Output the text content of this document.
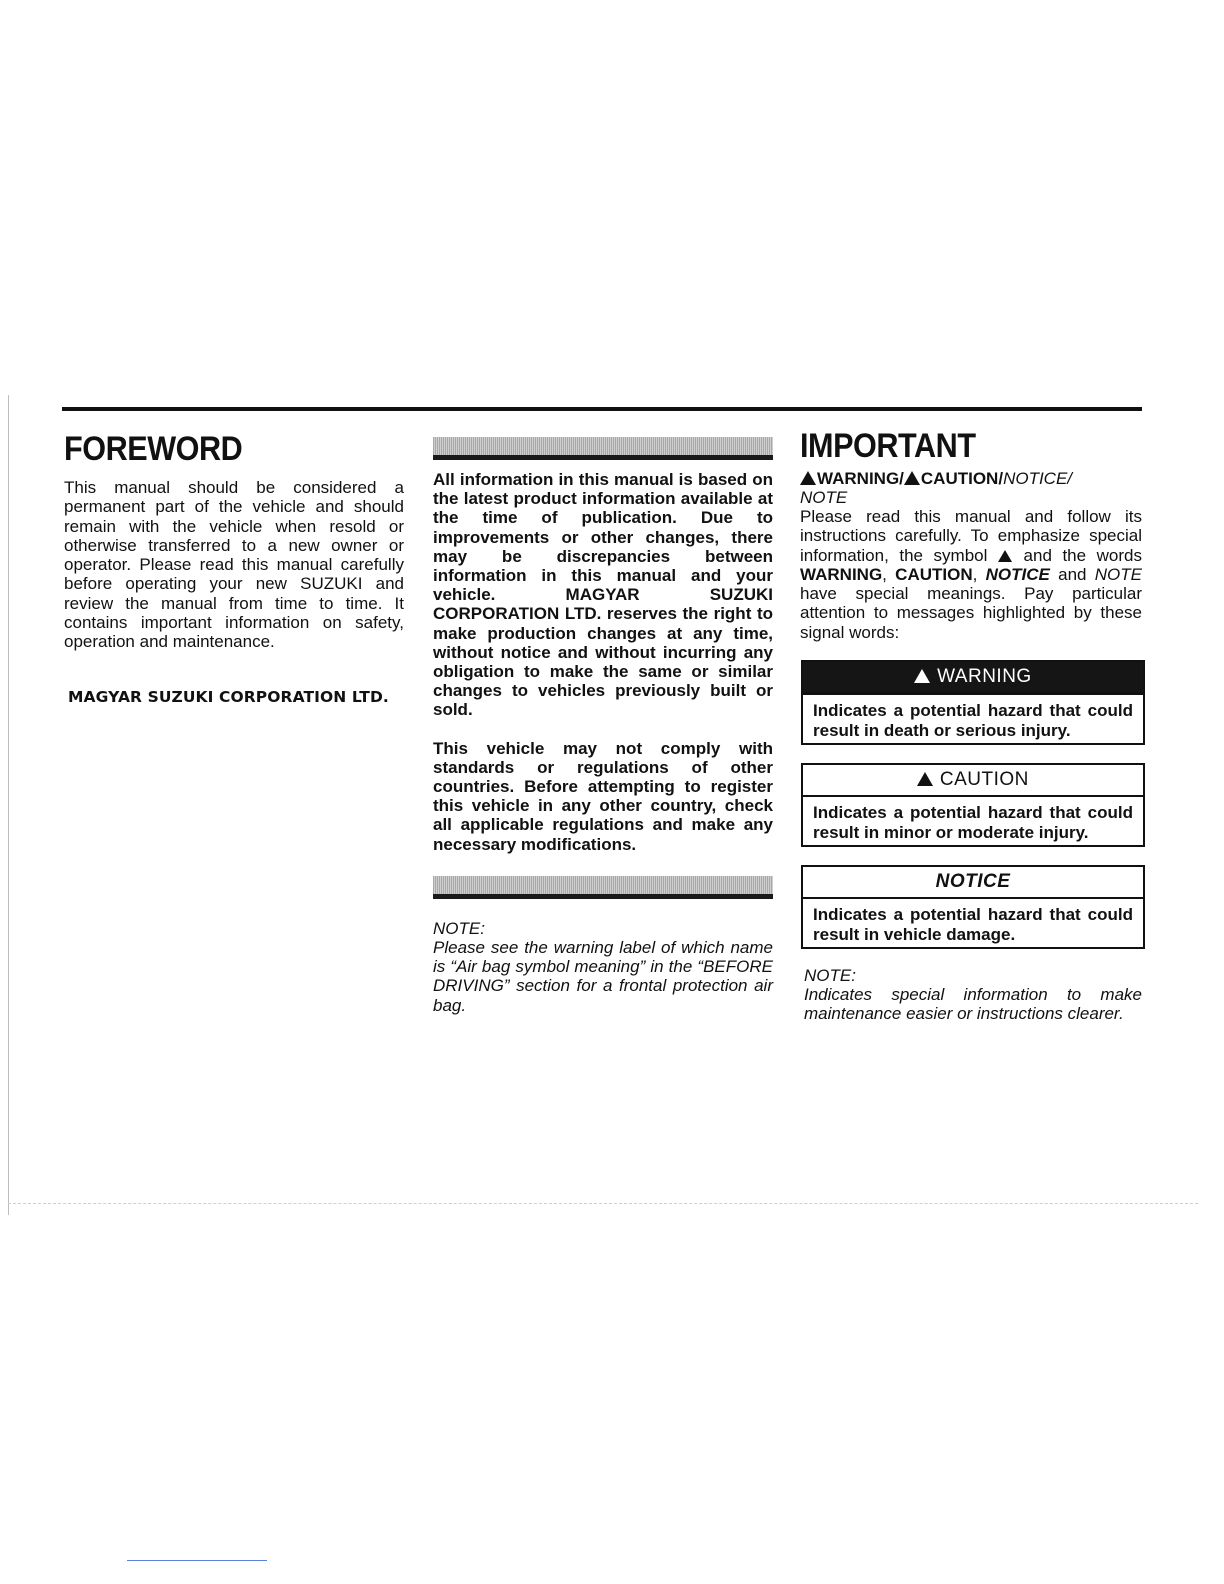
FOREWORD

This manual should be considered a permanent part of the vehicle and should remain with the vehicle when resold or otherwise transferred to a new owner or operator. Please read this manual carefully before operating your new SUZUKI and review the manual from time to time. It contains important information on safety, operation and maintenance.

MAGYAR SUZUKI CORPORATION LTD.

All information in this manual is based on the latest product information available at the time of publication. Due to improvements or other changes, there may be discrepancies between information in this manual and your vehicle. MAGYAR SUZUKI CORPORATION LTD. reserves the right to make production changes at any time, without notice and without incurring any obligation to make the same or similar changes to vehicles previously built or sold.

This vehicle may not comply with standards or regulations of other countries. Before attempting to register this vehicle in any other country, check all applicable regulations and make any necessary modifications.

NOTE:

Please see the warning label of which name is “Air bag symbol meaning” in the “BEFORE DRIVING” section for a frontal protection air bag.

IMPORTANT
WARNING/ CAUTION/NOTICE/
NOTE

Please read this manual and follow its instructions carefully. To emphasize special information, the symbol and the words WARNING, CAUTION, NOTICE and NOTE have special meanings. Pay particular attention to messages highlighted by these signal words:

WARNING
Indicates a potential hazard that could result in death or serious injury.
CAUTION
Indicates a potential hazard that could result in minor or moderate injury.
NOTICE
Indicates a potential hazard that could result in vehicle damage.

NOTE:

Indicates special information to make maintenance easier or instructions clearer.
